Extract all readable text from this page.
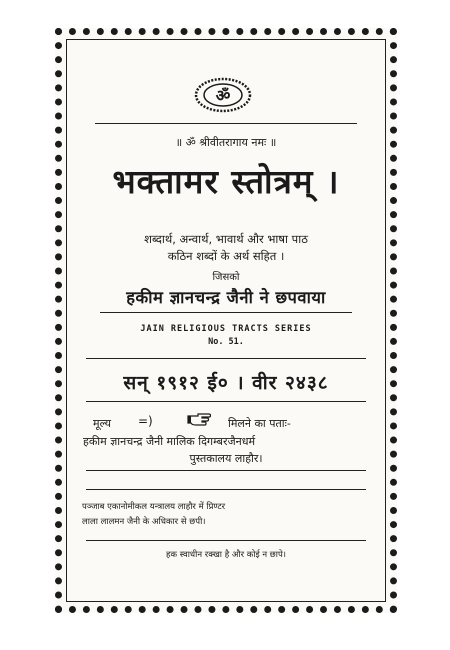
ॐ
॥ ॐ श्रीवीतरागाय नमः ॥
भक्तामर स्तोत्रम् ।
शब्दार्थ, अन्वार्थ, भावार्थ और भाषा पाठ
कठिन शब्दों के अर्थ सहित ।
जिसको
हकीम ज्ञानचन्द्र जैनी ने छपवाया
JAIN RELIGIOUS TRACTS SERIES
No. 51.
सन् १९१२ ई० । वीर २४३८
मूल्य =)	मिलने का पताः-
हकीम ज्ञानचन्द्र जैनी मालिक दिगम्बरजैनधर्म
पुस्तकालय लाहौर।
पञ्जाब एकानोमीकल यन्त्रालय लाहौर में प्रिण्टर
लाला लालमन जैनी के अधिकार से छपी।
हक स्वाधीन रक्खा है और कोई न छापे।
